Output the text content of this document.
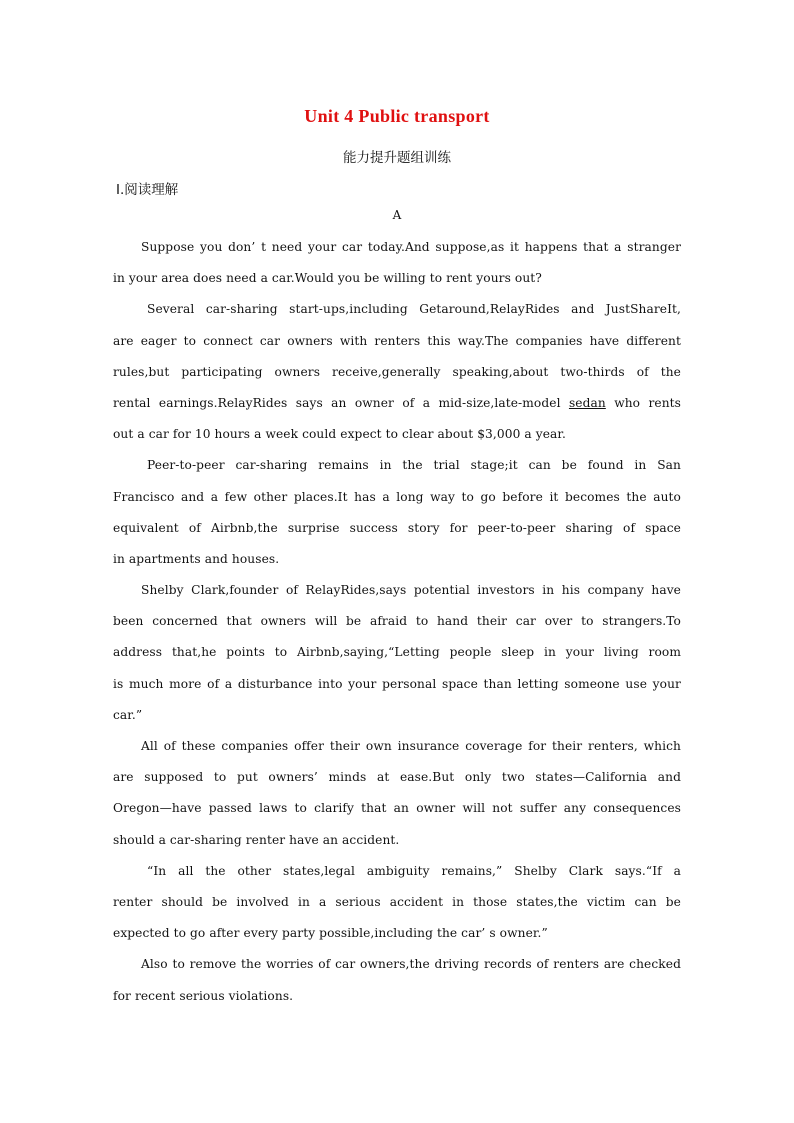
Unit 4 Public transport

能力提升题组训练

Ⅰ.阅读理解

A

Suppose you don’ t need your car today.And suppose,as it happens that a stranger
in your area does need a car.Would you be willing to rent yours out?
Several car-sharing start-ups,including Getaround,RelayRides and JustShareIt,
are eager to connect car owners with renters this way.The companies have different
rules,but participating owners receive,generally speaking,about two-thirds of the
rental earnings.RelayRides says an owner of a mid-size,late-model sedan who rents
out a car for 10 hours a week could expect to clear about $3,000 a year.
Peer-to-peer car-sharing remains in the trial stage;it can be found in San
Francisco and a few other places.It has a long way to go before it becomes the auto
equivalent of Airbnb,the surprise success story for peer-to-peer sharing of space
in apartments and houses.
Shelby Clark,founder of RelayRides,says potential investors in his company have
been concerned that owners will be afraid to hand their car over to strangers.To
address that,he points to Airbnb,saying,“Letting people sleep in your living room
is much more of a disturbance into your personal space than letting someone use your
car.”
All of these companies offer their own insurance coverage for their renters, which
are supposed to put owners’ minds at ease.But only two states—California and
Oregon—have passed laws to clarify that an owner will not suffer any consequences
should a car-sharing renter have an accident.
“In all the other states,legal ambiguity remains,” Shelby Clark says.“If a
renter should be involved in a serious accident in those states,the victim can be
expected to go after every party possible,including the car’ s owner.”
Also to remove the worries of car owners,the driving records of renters are checked
for recent serious violations.
